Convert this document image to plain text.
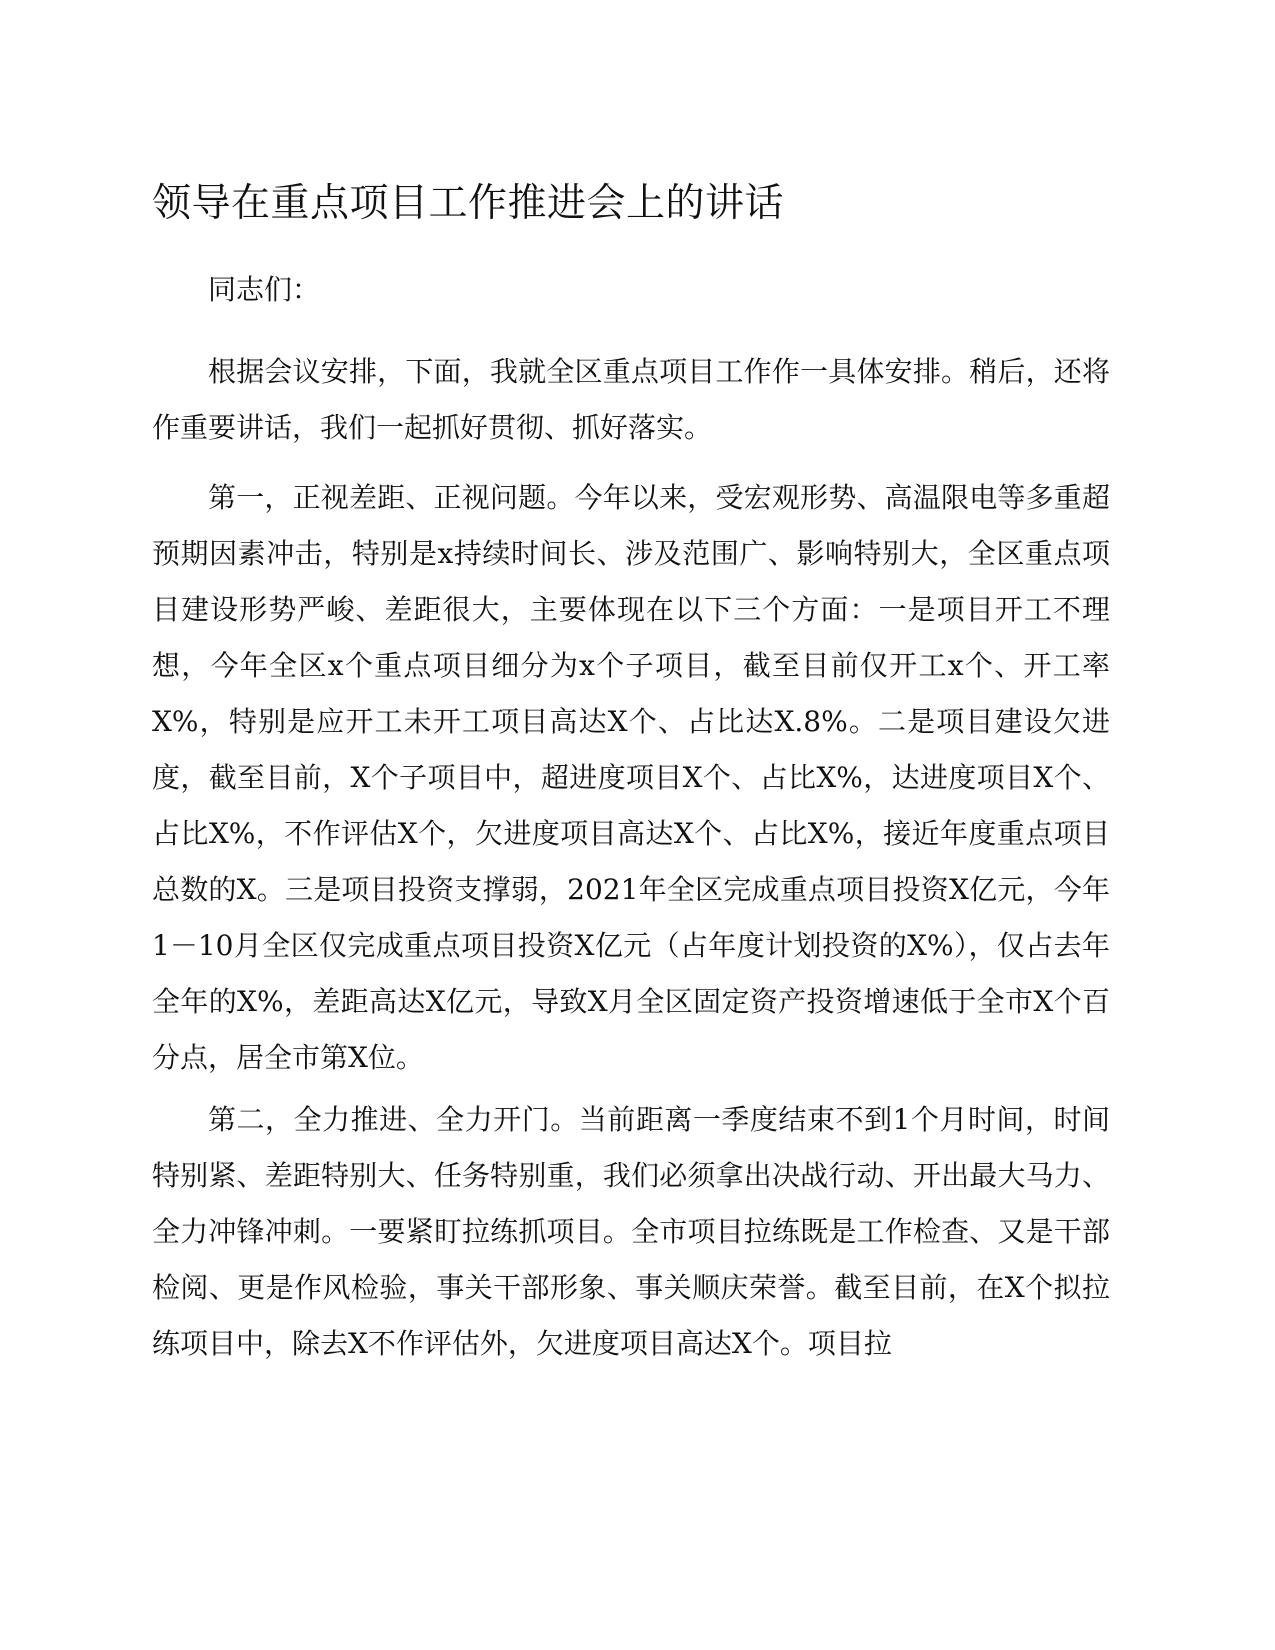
领导在重点项目工作推进会上的讲话

同志们：

根据会议安排，下面，我就全区重点项目工作作一具体安排。稍后，还将作重要讲话，我们一起抓好贯彻、抓好落实。

第一，正视差距、正视问题。今年以来，受宏观形势、高温限电等多重超预期因素冲击，特别是x持续时间长、涉及范围广、影响特别大，全区重点项目建设形势严峻、差距很大，主要体现在以下三个方面：一是项目开工不理想，今年全区x个重点项目细分为x个子项目，截至目前仅开工x个、开工率X%，特别是应开工未开工项目高达X个、占比达X.8%。二是项目建设欠进度，截至目前，X个子项目中，超进度项目X个、占比X%，达进度项目X个、占比X%，不作评估X个，欠进度项目高达X个、占比X%，接近年度重点项目总数的X。三是项目投资支撑弱，2021年全区完成重点项目投资X亿元，今年1－10月全区仅完成重点项目投资X亿元（占年度计划投资的X%），仅占去年全年的X%，差距高达X亿元，导致X月全区固定资产投资增速低于全市X个百分点，居全市第X位。

第二，全力推进、全力开门。当前距离一季度结束不到1个月时间，时间特别紧、差距特别大、任务特别重，我们必须拿出决战行动、开出最大马力、全力冲锋冲刺。一要紧盯拉练抓项目。全市项目拉练既是工作检查、又是干部检阅、更是作风检验，事关干部形象、事关顺庆荣誉。截至目前，在X个拟拉练项目中，除去X不作评估外，欠进度项目高达X个。项目拉
